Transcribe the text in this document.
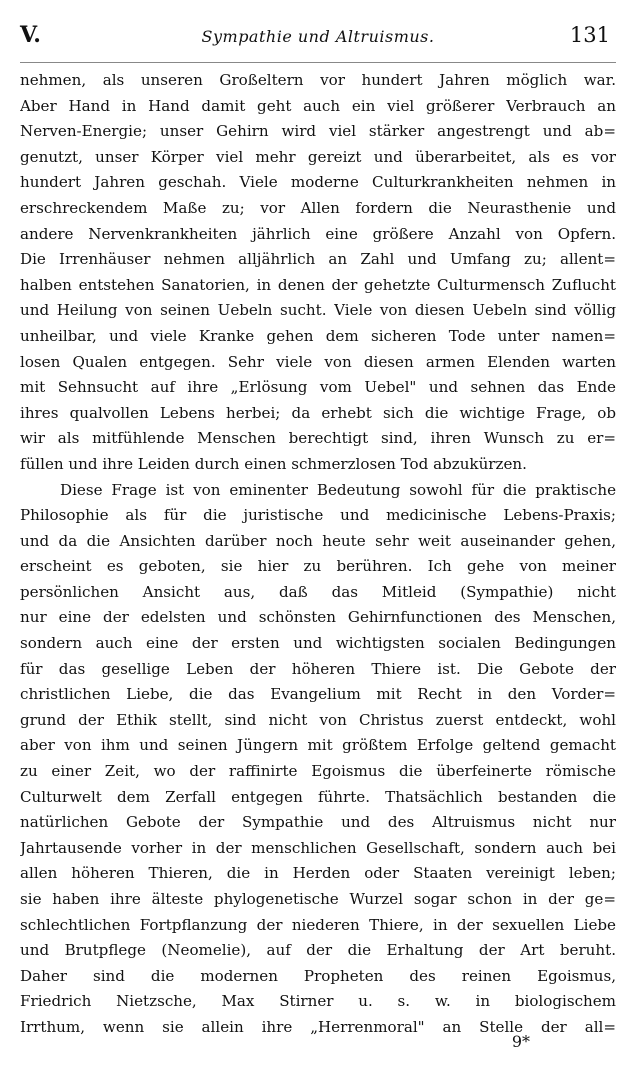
V.	Sympathie und Altruismus.	131
nehmen, als unseren Großeltern vor hundert Jahren möglich war.
Aber Hand in Hand damit geht auch ein viel größerer Verbrauch an
Nerven-Energie; unser Gehirn wird viel stärker angestrengt und ab=
genutzt, unser Körper viel mehr gereizt und überarbeitet, als es vor
hundert Jahren geschah. Viele moderne Culturkrankheiten nehmen in
erschreckendem Maße zu; vor Allen fordern die Neurasthenie und
andere Nervenkrankheiten jährlich eine größere Anzahl von Opfern.
Die Irrenhäuser nehmen alljährlich an Zahl und Umfang zu; allent=
halben entstehen Sanatorien, in denen der gehetzte Culturmensch Zuflucht
und Heilung von seinen Uebeln sucht. Viele von diesen Uebeln sind völlig
unheilbar, und viele Kranke gehen dem sicheren Tode unter namen=
losen Qualen entgegen. Sehr viele von diesen armen Elenden warten
mit Sehnsucht auf ihre „Erlösung vom Uebel" und sehnen das Ende
ihres qualvollen Lebens herbei; da erhebt sich die wichtige Frage, ob
wir als mitfühlende Menschen berechtigt sind, ihren Wunsch zu er=
füllen und ihre Leiden durch einen schmerzlosen Tod abzukürzen.
Diese Frage ist von eminenter Bedeutung sowohl für die praktische
Philosophie als für die juristische und medicinische Lebens-Praxis;
und da die Ansichten darüber noch heute sehr weit auseinander gehen,
erscheint es geboten, sie hier zu berühren. Ich gehe von meiner
persönlichen Ansicht aus, daß das Mitleid (Sympathie) nicht
nur eine der edelsten und schönsten Gehirnfunctionen des Menschen,
sondern auch eine der ersten und wichtigsten socialen Bedingungen
für das gesellige Leben der höheren Thiere ist. Die Gebote der
christlichen Liebe, die das Evangelium mit Recht in den Vorder=
grund der Ethik stellt, sind nicht von Christus zuerst entdeckt, wohl
aber von ihm und seinen Jüngern mit größtem Erfolge geltend gemacht
zu einer Zeit, wo der raffinirte Egoismus die überfeinerte römische
Culturwelt dem Zerfall entgegen führte. Thatsächlich bestanden die
natürlichen Gebote der Sympathie und des Altruismus nicht nur
Jahrtausende vorher in der menschlichen Gesellschaft, sondern auch bei
allen höheren Thieren, die in Herden oder Staaten vereinigt leben;
sie haben ihre älteste phylogenetische Wurzel sogar schon in der ge=
schlechtlichen Fortpflanzung der niederen Thiere, in der sexuellen Liebe
und Brutpflege (Neomelie), auf der die Erhaltung der Art beruht.
Daher sind die modernen Propheten des reinen Egoismus,
Friedrich Nietzsche, Max Stirner u. s. w. in biologischem
Irrthum, wenn sie allein ihre „Herrenmoral" an Stelle der all=
9*
